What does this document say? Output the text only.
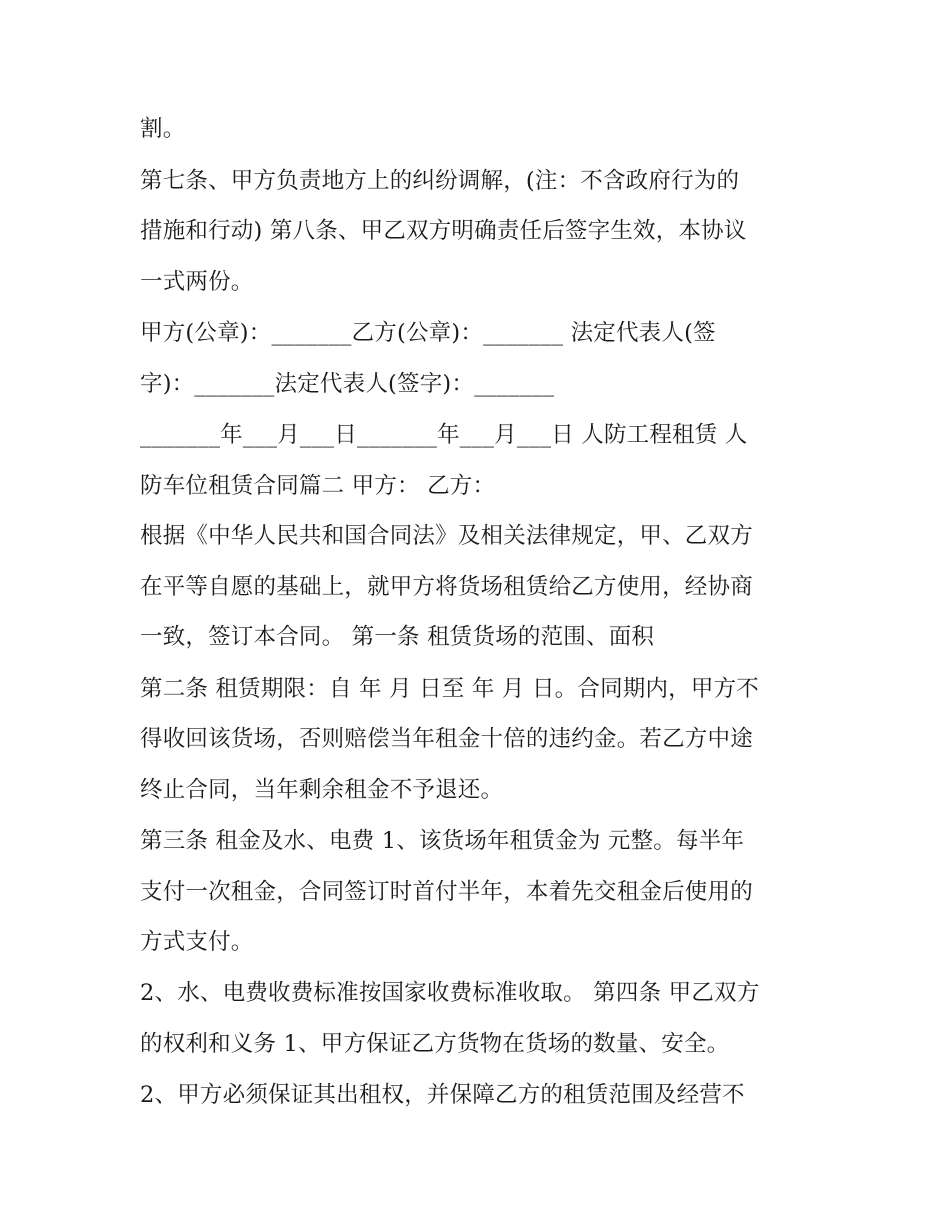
割。
第七条、甲方负责地方上的纠纷调解，(注：不含政府行为的
措施和行动) 第八条、甲乙双方明确责任后签字生效，本协议
一式两份。
甲方(公章)：_______乙方(公章)：_______ 法定代表人(签
字)：_______法定代表人(签字)：_______
_______年___月___日_______年___月___日 人防工程租赁 人
防车位租赁合同篇二 甲方： 乙方：
根据《中华人民共和国合同法》及相关法律规定，甲、乙双方
在平等自愿的基础上，就甲方将货场租赁给乙方使用，经协商
一致，签订本合同。 第一条 租赁货场的范围、面积
第二条 租赁期限：自 年 月 日至 年 月 日。合同期内，甲方不
得收回该货场，否则赔偿当年租金十倍的违约金。若乙方中途
终止合同，当年剩余租金不予退还。
第三条 租金及水、电费 1、该货场年租赁金为 元整。每半年
支付一次租金，合同签订时首付半年，本着先交租金后使用的
方式支付。
2、水、电费收费标准按国家收费标准收取。 第四条 甲乙双方
的权利和义务 1、甲方保证乙方货物在货场的数量、安全。
2、甲方必须保证其出租权，并保障乙方的租赁范围及经营不
